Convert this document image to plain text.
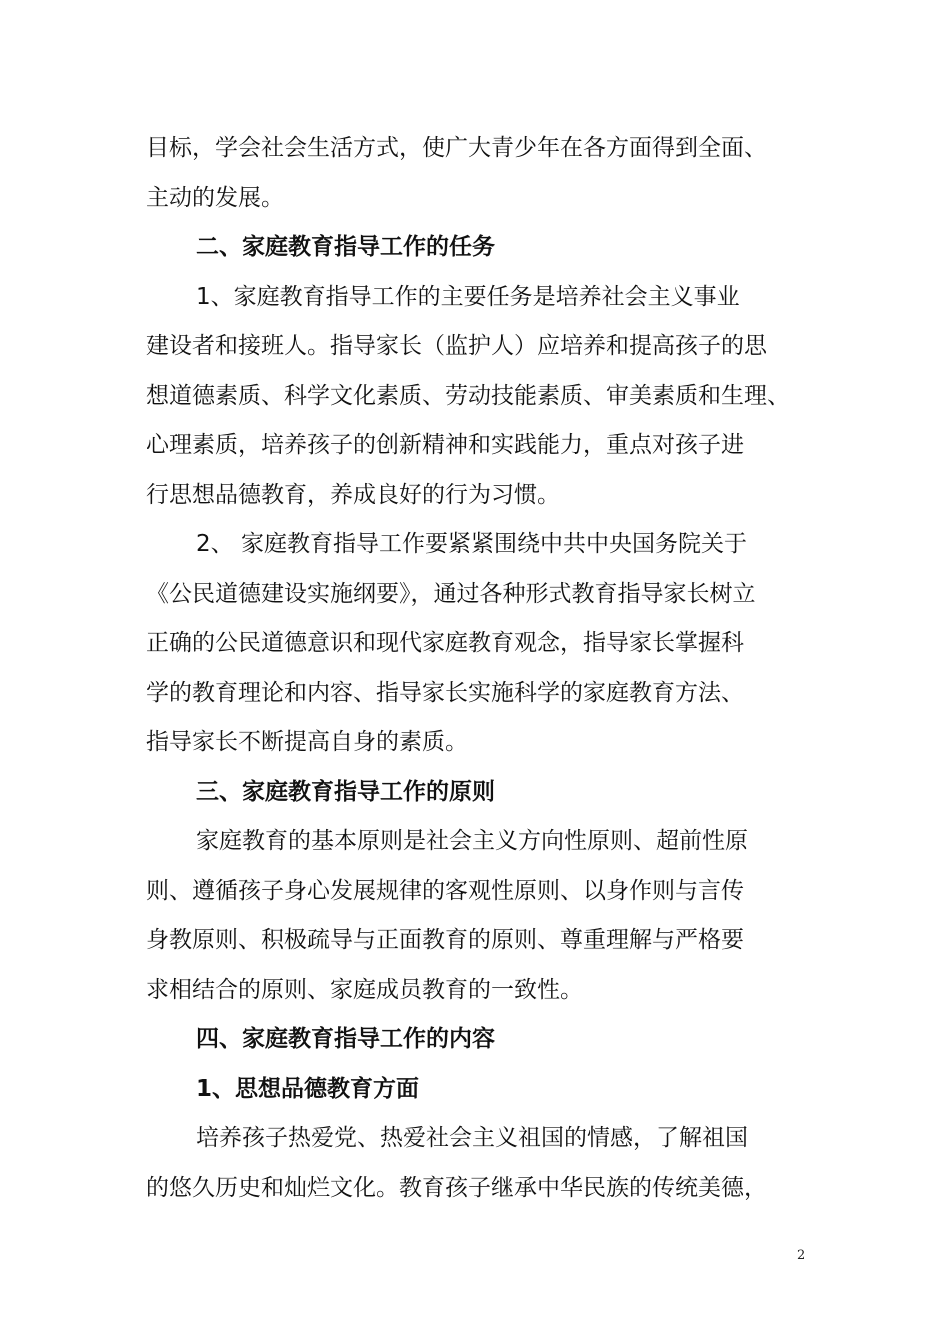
目标，学会社会生活方式，使广大青少年在各方面得到全面、
主动的发展。
二、家庭教育指导工作的任务
1、家庭教育指导工作的主要任务是培养社会主义事业
建设者和接班人。指导家长（监护人）应培养和提高孩子的思
想道德素质、科学文化素质、劳动技能素质、审美素质和生理、
心理素质，培养孩子的创新精神和实践能力，重点对孩子进
行思想品德教育，养成良好的行为习惯。
2、 家庭教育指导工作要紧紧围绕中共中央国务院关于
《公民道德建设实施纲要》，通过各种形式教育指导家长树立
正确的公民道德意识和现代家庭教育观念，指导家长掌握科
学的教育理论和内容、指导家长实施科学的家庭教育方法、
指导家长不断提高自身的素质。
三、家庭教育指导工作的原则
家庭教育的基本原则是社会主义方向性原则、超前性原
则、遵循孩子身心发展规律的客观性原则、以身作则与言传
身教原则、积极疏导与正面教育的原则、尊重理解与严格要
求相结合的原则、家庭成员教育的一致性。
四、家庭教育指导工作的内容
1、思想品德教育方面
培养孩子热爱党、热爱社会主义祖国的情感，了解祖国
的悠久历史和灿烂文化。教育孩子继承中华民族的传统美德，
2
